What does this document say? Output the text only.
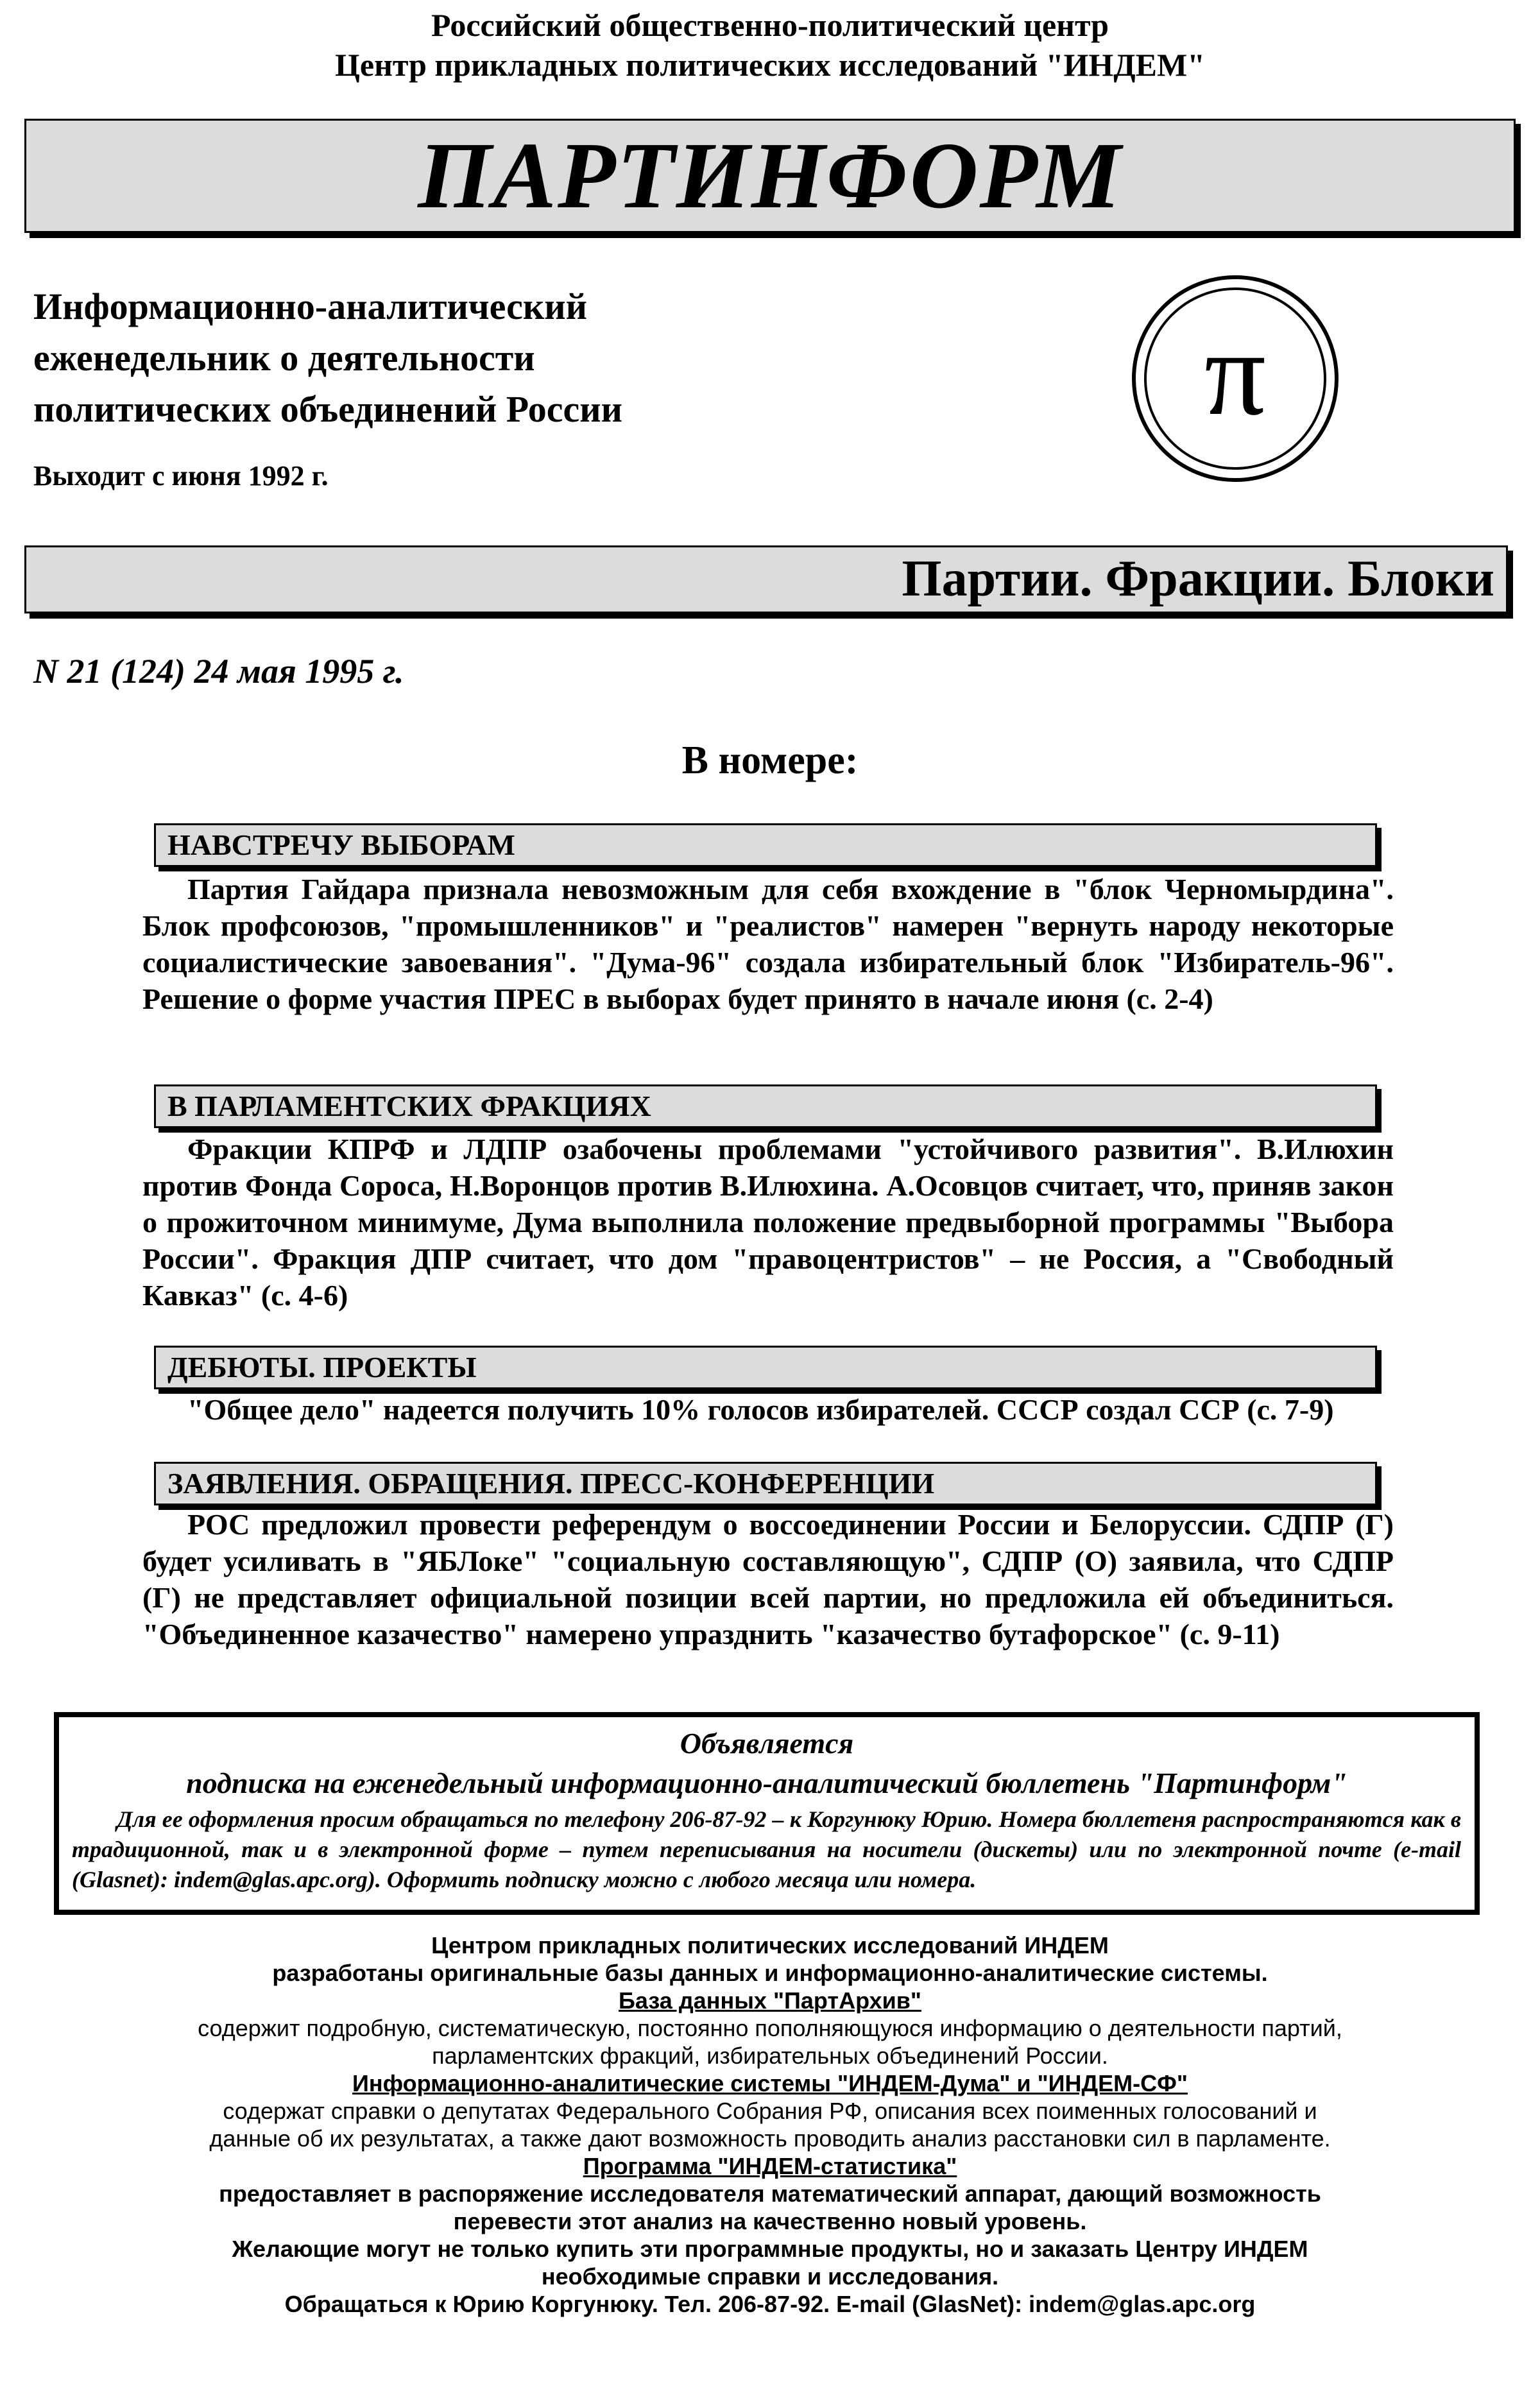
Российский общественно-политический центр
Центр прикладных политических исследований "ИНДЕМ"
ПАРТИНФОРМ
Информационно-аналитический
еженедельник о деятельности
политических объединений России
Выходит с июня 1992 г.
π
Партии. Фракции. Блоки
N 21 (124) 24 мая 1995 г.
В номере:
НАВСТРЕЧУ ВЫБОРАМ
Партия Гайдара признала невозможным для себя вхождение в "блок Черномырдина". Блок профсоюзов, "промышленников" и "реалистов" намерен "вернуть народу некоторые социалистические завоевания". "Дума-96" создала избирательный блок "Избиратель-96". Решение о форме участия ПРЕС в выборах будет принято в начале июня (с. 2-4)
В ПАРЛАМЕНТСКИХ ФРАКЦИЯХ
Фракции КПРФ и ЛДПР озабочены проблемами "устойчивого развития". В.Илюхин против Фонда Сороса, Н.Воронцов против В.Илюхина. А.Осовцов считает, что, приняв закон о прожиточном минимуме, Дума выполнила положение предвыборной программы "Выбора России". Фракция ДПР считает, что дом "правоцентристов" – не Россия, а "Свободный Кавказ" (с. 4-6)
ДЕБЮТЫ. ПРОЕКТЫ
"Общее дело" надеется получить 10% голосов избирателей. СССР создал ССР (с. 7-9)
ЗАЯВЛЕНИЯ. ОБРАЩЕНИЯ. ПРЕСС-КОНФЕРЕНЦИИ
РОС предложил провести референдум о воссоединении России и Белоруссии. СДПР (Г) будет усиливать в "ЯБЛоке" "социальную составляющую", СДПР (О) заявила, что СДПР (Г) не представляет официальной позиции всей партии, но предложила ей объединиться. "Объединенное казачество" намерено упразднить "казачество бутафорское" (с. 9-11)
Объявляется
подписка на еженедельный информационно-аналитический бюллетень "Партинформ"
Для ее оформления просим обращаться по телефону 206-87-92 – к Коргунюку Юрию. Номера бюллетеня распространяются как в традиционной, так и в электронной форме – путем переписывания на носители (дискеты) или по электронной почте (e-mail (Glasnet): indem@glas.apc.org). Оформить подписку можно с любого месяца или номера.
Центром прикладных политических исследований ИНДЕМ
разработаны оригинальные базы данных и информационно-аналитические системы.
База данных "ПартАрхив"
содержит подробную, систематическую, постоянно пополняющуюся информацию о деятельности партий,
парламентских фракций, избирательных объединений России.
Информационно-аналитические системы "ИНДЕМ-Дума" и "ИНДЕМ-СФ"
содержат справки о депутатах Федерального Собрания РФ, описания всех поименных голосований и
данные об их результатах, а также дают возможность проводить анализ расстановки сил в парламенте.
Программа "ИНДЕМ-статистика"
предоставляет в распоряжение исследователя математический аппарат, дающий возможность
перевести этот анализ на качественно новый уровень.
Желающие могут не только купить эти программные продукты, но и заказать Центру ИНДЕМ
необходимые справки и исследования.
Обращаться к Юрию Коргунюку. Тел. 206-87-92. E-mail (GlasNet): indem@glas.apc.org
